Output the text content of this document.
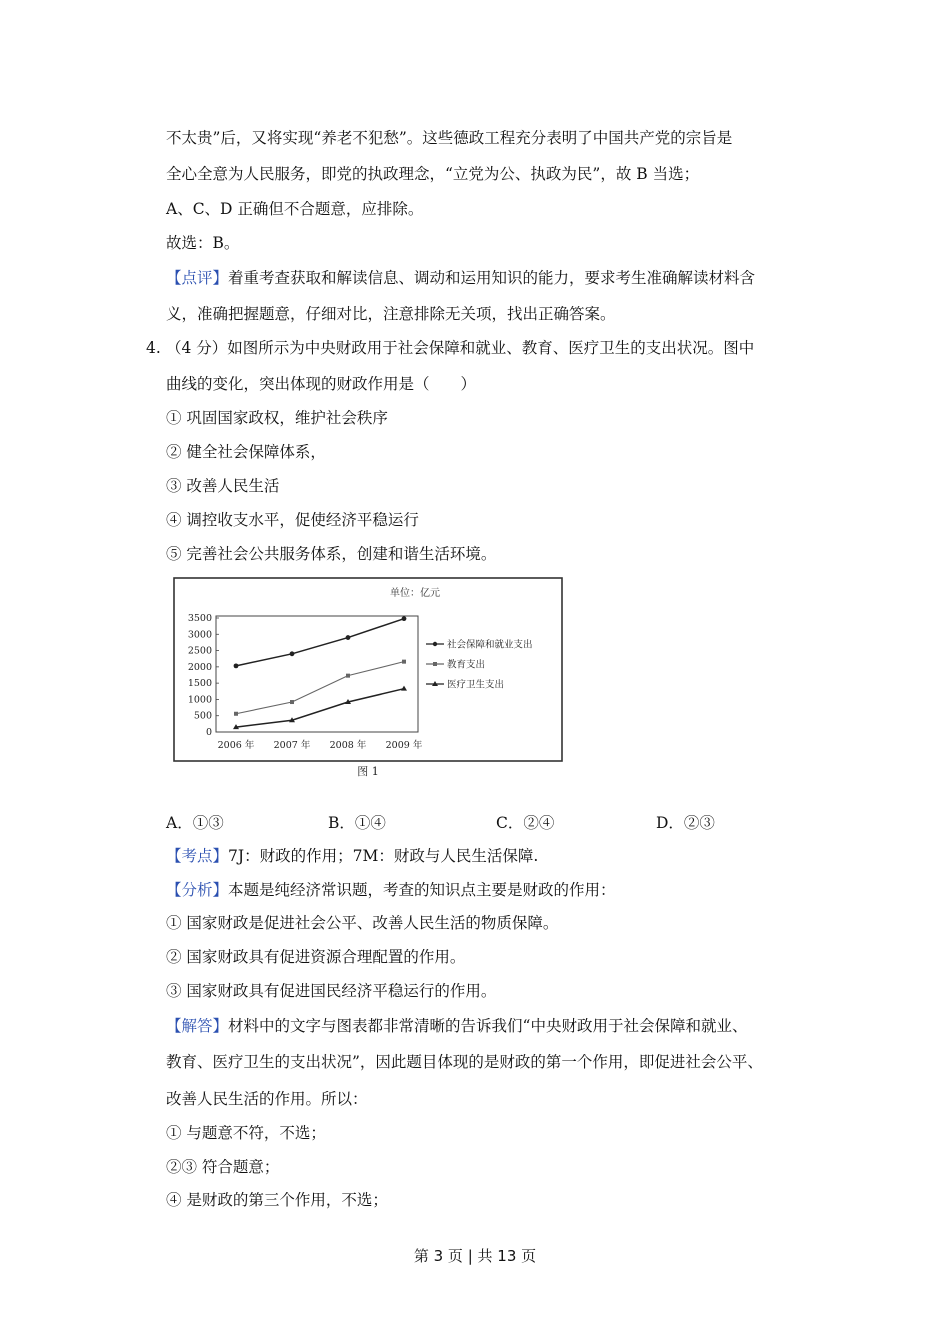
不太贵”后，又将实现“养老不犯愁”。这些德政工程充分表明了中国共产党的宗旨是
全心全意为人民服务，即党的执政理念，“立党为公、执政为民”，故 B 当选；
A、C、D 正确但不合题意，应排除。
故选：B。
【点评】着重考查获取和解读信息、调动和运用知识的能力，要求考生准确解读材料含
义，准确把握题意，仔细对比，注意排除无关项，找出正确答案。
4. （4 分）如图所示为中央财政用于社会保障和就业、教育、医疗卫生的支出状况。图中
曲线的变化，突出体现的财政作用是（　　）
① 巩固国家政权，维护社会秩序
② 健全社会保障体系，
③ 改善人民生活
④ 调控收支水平，促使经济平稳运行
⑤ 完善社会公共服务体系，创建和谐生活环境。
单位：亿元
图 1
3500
3000
2500
2000
1500
1000
500
0
2006 年 2007 年 2008 年 2009 年
社会保障和就业支出
教育支出
医疗卫生支出
A．①③	B．①④	C．②④	D．②③
【考点】7J：财政的作用；7M：财政与人民生活保障.
【分析】本题是纯经济常识题，考查的知识点主要是财政的作用：
① 国家财政是促进社会公平、改善人民生活的物质保障。
② 国家财政具有促进资源合理配置的作用。
③ 国家财政具有促进国民经济平稳运行的作用。
【解答】材料中的文字与图表都非常清晰的告诉我们“中央财政用于社会保障和就业、
教育、医疗卫生的支出状况”，因此题目体现的是财政的第一个作用，即促进社会公平、
改善人民生活的作用。所以：
① 与题意不符，不选；
②③ 符合题意；
④ 是财政的第三个作用，不选；
第 3 页 | 共 13 页
